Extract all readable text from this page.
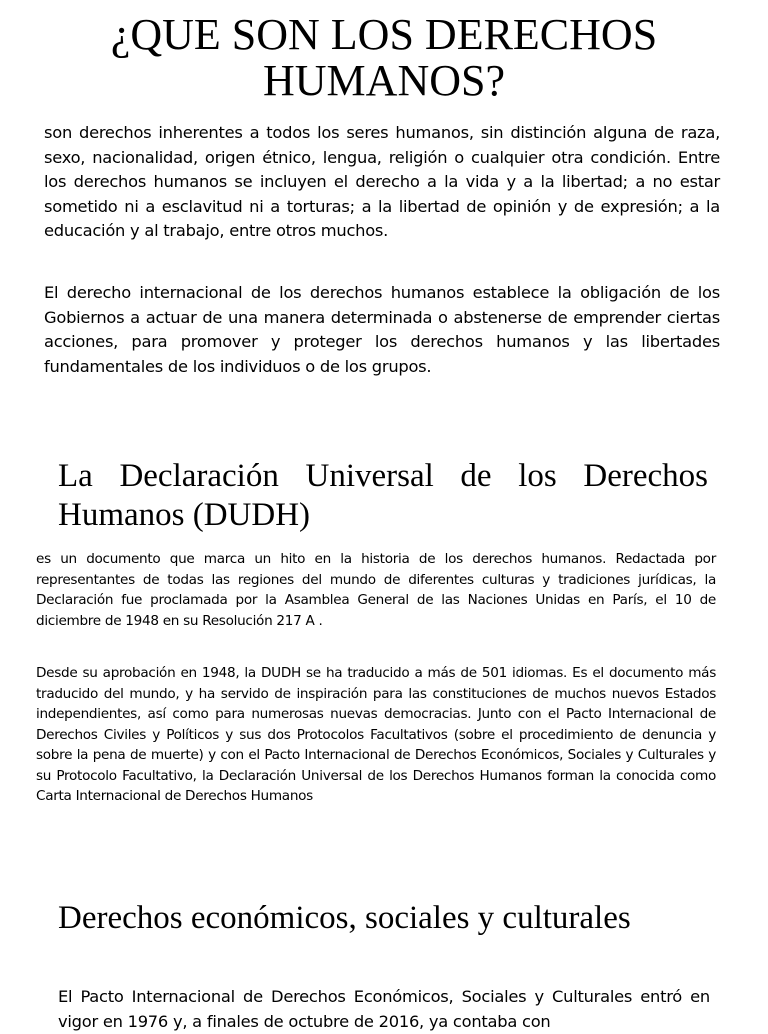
¿QUE SON LOS DERECHOS HUMANOS?

son derechos inherentes a todos los seres humanos, sin distinción alguna de raza, sexo, nacionalidad, origen étnico, lengua, religión o cualquier otra condición. Entre los derechos humanos se incluyen el derecho a la vida y a la libertad; a no estar sometido ni a esclavitud ni a torturas; a la libertad de opinión y de expresión; a la educación y al trabajo, entre otros muchos.

El derecho internacional de los derechos humanos establece la obligación de los Gobiernos a actuar de una manera determinada o abstenerse de emprender ciertas acciones, para promover y proteger los derechos humanos y las libertades fundamentales de los individuos o de los grupos.

La Declaración Universal de los Derechos Humanos (DUDH)

es un documento que marca un hito en la historia de los derechos humanos. Redactada por representantes de todas las regiones del mundo de diferentes culturas y tradiciones jurídicas, la Declaración fue proclamada por la Asamblea General de las Naciones Unidas en París, el 10 de diciembre de 1948 en su Resolución 217 A .

Desde su aprobación en 1948, la DUDH se ha traducido a más de 501 idiomas. Es el documento más traducido del mundo, y ha servido de inspiración para las constituciones de muchos nuevos Estados independientes, así como para numerosas nuevas democracias. Junto con el Pacto Internacional de Derechos Civiles y Políticos y sus dos Protocolos Facultativos (sobre el procedimiento de denuncia y sobre la pena de muerte) y con el Pacto Internacional de Derechos Económicos, Sociales y Culturales y su Protocolo Facultativo, la Declaración Universal de los Derechos Humanos forman la conocida como Carta Internacional de Derechos Humanos

Derechos económicos, sociales y culturales

El Pacto Internacional de Derechos Económicos, Sociales y Culturales entró en vigor en 1976 y, a finales de octubre de 2016, ya contaba con
